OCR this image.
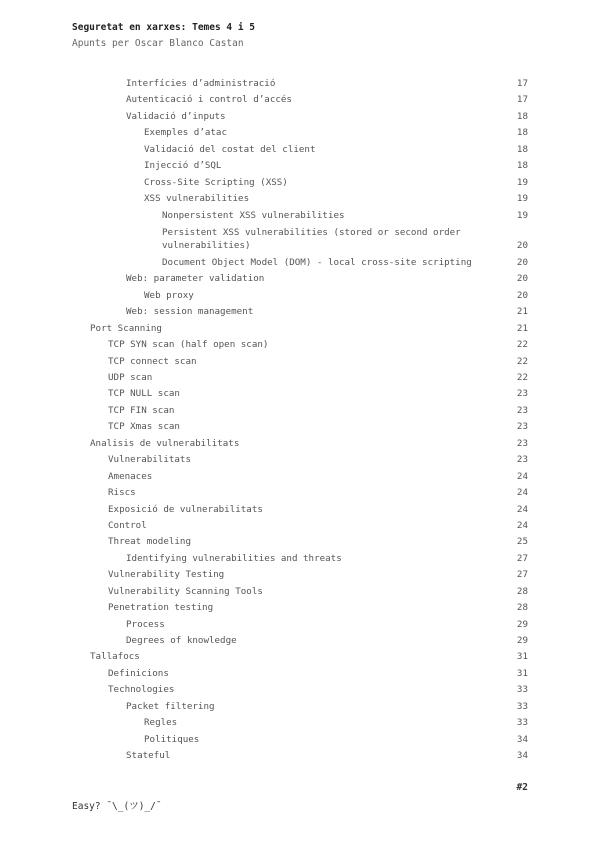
Seguretat en xarxes: Temes 4 i 5
Apunts per Oscar Blanco Castan
Interfícies d’administració	17
Autenticació i control d’accés	17
Validació d’inputs	18
Exemples d’atac	18
Validació del costat del client	18
Injecció d’SQL	18
Cross-Site Scripting (XSS)	19
XSS vulnerabilities	19
Nonpersistent XSS vulnerabilities	19
Persistent XSS vulnerabilities (stored or second order vulnerabilities)	20
Document Object Model (DOM) - local cross-site scripting	20
Web: parameter validation	20
Web proxy	20
Web: session management	21
Port Scanning	21
TCP SYN scan (half open scan)	22
TCP connect scan	22
UDP scan	22
TCP NULL scan	23
TCP FIN scan	23
TCP Xmas scan	23
Analisis de vulnerabilitats	23
Vulnerabilitats	23
Amenaces	24
Riscs	24
Exposició de vulnerabilitats	24
Control	24
Threat modeling	25
Identifying vulnerabilities and threats	27
Vulnerability Testing	27
Vulnerability Scanning Tools	28
Penetration testing	28
Process	29
Degrees of knowledge	29
Tallafocs	31
Definicions	31
Technologies	33
Packet filtering	33
Regles	33
Politiques	34
Stateful	34
#2
Easy? ¯\_(ツ)_/¯
